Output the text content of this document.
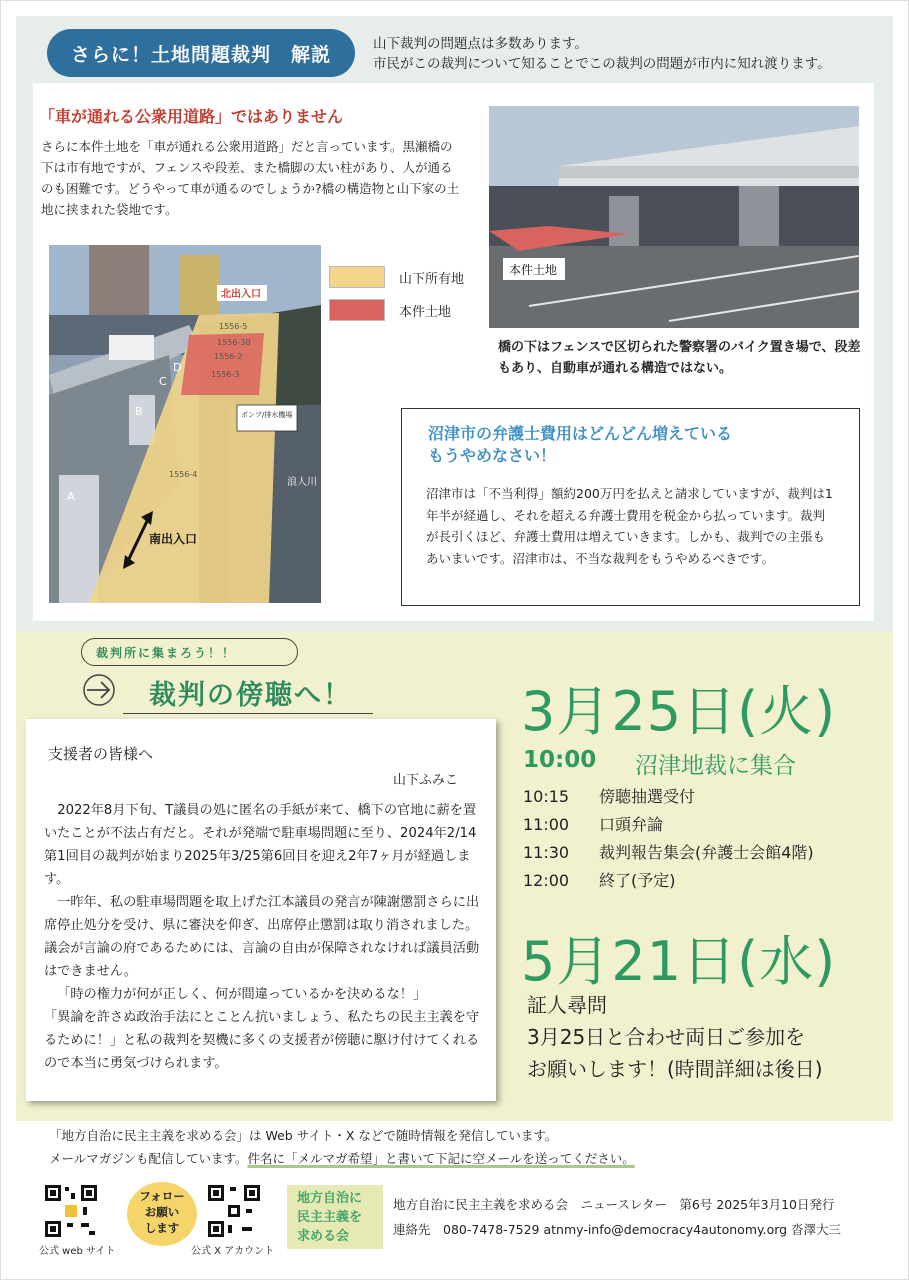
さらに！土地問題裁判　解説	山下裁判の問題点は多数あります。
市民がこの裁判について知ることでこの裁判の問題が市内に知れ渡ります。
「車が通れる公衆用道路」ではありません
さらに本件土地を「車が通れる公衆用道路」だと言っています。黒瀬橋の下は市有地ですが、フェンスや段差、また橋脚の太い柱があり、人が通るのも困難です。どうやって車が通るのでしょうか?橋の構造物と山下家の土地に挟まれた袋地です。
1556-5
1556-30
1556-2
1556-3
1556-4
北出入口
ポンプ/排水機場
A
B
C
D
浪人川
南出入口
山下所有地
本件土地
本件土地
橋の下はフェンスで区切られた警察署のバイク置き場で、段差もあり、自動車が通れる構造ではない。
沼津市の弁護士費用はどんどん増えている
もうやめなさい！
沼津市は「不当利得」額約200万円を払えと請求していますが、裁判は1年半が経過し、それを超える弁護士費用を税金から払っています。裁判が長引くほど、弁護士費用は増えていきます。しかも、裁判での主張もあいまいです。沼津市は、不当な裁判をもうやめるべきです。
裁判所に集まろう！！
裁判の傍聴へ！
支援者の皆様へ
山下ふみこ

2022年8月下旬、T議員の処に匿名の手紙が来て、橋下の官地に薪を置いたことが不法占有だと。それが発端で駐車場問題に至り、2024年2/14第1回目の裁判が始まり2025年3/25第6回目を迎え2年7ヶ月が経過します。

一昨年、私の駐車場問題を取上げた江本議員の発言が陳謝懲罰さらに出席停止処分を受け、県に審決を仰ぎ、出席停止懲罰は取り消されました。議会が言論の府であるためには、言論の自由が保障されなければ議員活動はできません。

「時の権力が何が正しく、何が間違っているかを決めるな！」

「異論を許さぬ政治手法にとことん抗いましょう、私たちの民主主義を守るために！」と私の裁判を契機に多くの支援者が傍聴に駆け付けてくれるので本当に勇気づけられます。

3月25日(火)
10:00 沼津地裁に集合
10:15	傍聴抽選受付
11:00	口頭弁論
11:30	裁判報告集会(弁護士会館4階)
12:00	終了(予定)
5月21日(水)
証人尋問
3月25日と合わせ両日ご参加を
お願いします！(時間詳細は後日)
「地方自治に民主主義を求める会」は Web サイト・X などで随時情報を発信しています。
メールマガジンも配信しています。件名に「メルマガ希望」と書いて下記に空メールを送ってください。
公式 web サイト
フォロー
お願い
します
公式 X アカウント
地方自治に
民主主義を
求める会
地方自治に民主主義を求める会　ニュースレター　第6号 2025年3月10日発行
連絡先　080-7478-7529 atnmy-info@democracy4autonomy.org 沓澤大三
